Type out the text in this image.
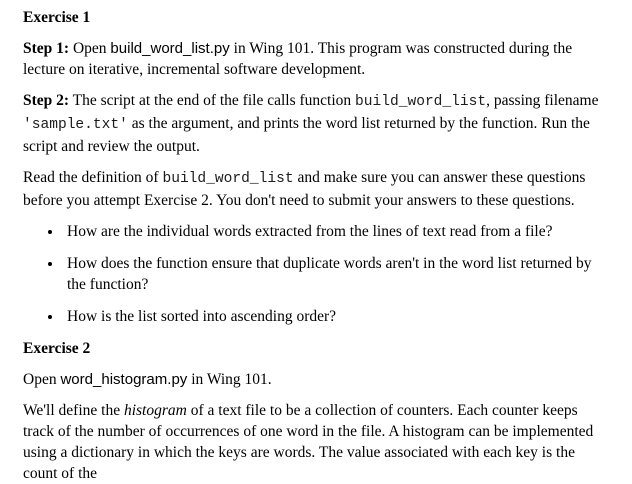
Exercise 1

Step 1: Open build_word_list.py in Wing 101. This program was constructed during the lecture on iterative, incremental software development.

Step 2: The script at the end of the file calls function build_word_list, passing filename 'sample.txt' as the argument, and prints the word list returned by the function. Run the script and review the output.

Read the definition of build_word_list and make sure you can answer these questions before you attempt Exercise 2. You don't need to submit your answers to these questions.

• How are the individual words extracted from the lines of text read from a file?
• How does the function ensure that duplicate words aren't in the word list returned by the function?
• How is the list sorted into ascending order?
Exercise 2

Open word_histogram.py in Wing 101.

We'll define the histogram of a text file to be a collection of counters. Each counter keeps track of the number of occurrences of one word in the file. A histogram can be implemented using a dictionary in which the keys are words. The value associated with each key is the count of the
